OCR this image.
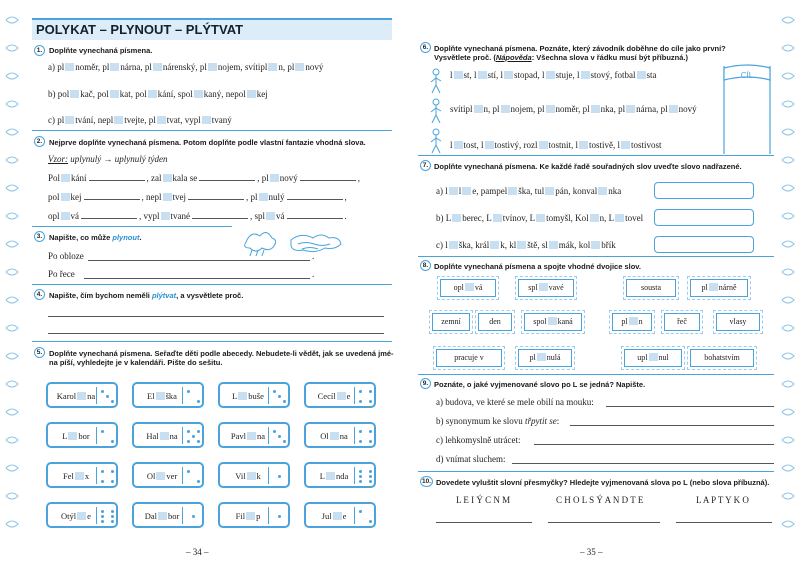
POLYKAT – PLYNOUT – PLÝTVAT
1. Doplňte vynechaná písmena.
a) pl noměr, pl nárna, pl nárenský, pl nojem, svítipl n, pl nový
b) pol kač, pol kat, pol kání, spol kaný, nepol kej
c) pl tvání, nepl tvejte, pl tvat, vypl tvaný
2. Nejprve doplňte vynechaná písmena. Potom doplňte podle vlastní fantazie vhodná slova.
Vzor: uplynulý → uplynulý týden
Pol kání	, zal kala se	, pl nový	,
pol kej	, nepl tvej	, pl nulý	,
opl vá	, vypl tvané	, spl vá	.
3. Napište, co může plynout.
Po obloze	.
Po řece	.
4. Napište, čím bychom neměli plýtvat, a vysvětlete proč.
5. Doplňte vynechaná písmena. Seřaďte děti podle abecedy. Nebudete-li vědět, jak se uvedená jmé-
na píší, vyhledejte je v kalendáři. Pište do sešitu.
Karol na	El ška	L buše	Cecíl e
L bor	Hal na	Pavl na	Ol na
Fel x	Ol ver	Vil k	L nda
Otýl e	Dal bor	Fil p	Jul e
– 34 –
6. Doplňte vynechaná písmena. Poznáte, který závodník doběhne do cíle jako první?
Vysvětlete proč. (Nápověda: Všechna slova v řádku musí být příbuzná.)
l st, l stí, l stopad, l stuje, l stový, fotbal sta
svítipl n, pl nojem, pl noměr, pl nka, pl nárna, pl nový
l tost, l tostivý, rozl tostnit, l tostivě, l tostivost
CÍL
7. Doplňte vynechaná písmena. Ke každé řadě souřadných slov uveďte slovo nadřazené.
a) l l e, pampel ška, tul pán, konval nka
b) L berec, L tvínov, L tomyšl, Kol n, L tovel
c) l ška, král k, kl ště, sl mák, kol břík
8. Doplňte vynechaná písmena a spojte vhodné dvojice slov.
opl vá	spl vavé	sousta	pl nárně
zemní	den	spol kaná	pl n	řeč	vlasy
pracuje v	pl nulá	upl nul	bohatstvím
9. Poznáte, o jaké vyjmenované slovo po L se jedná? Napište.
a) budova, ve které se mele obilí na mouku:
b) synonymum ke slovu třpytit se:
c) lehkomyslně utrácet:
d) vnímat sluchem:
10. Dovedete vyluštit slovní přesmyčky? Hledejte vyjmenovaná slova po L (nebo slova příbuzná).
L E I Ý C N M	C H O L S Ý A N D T E	L A P T Y K O
– 35 –
